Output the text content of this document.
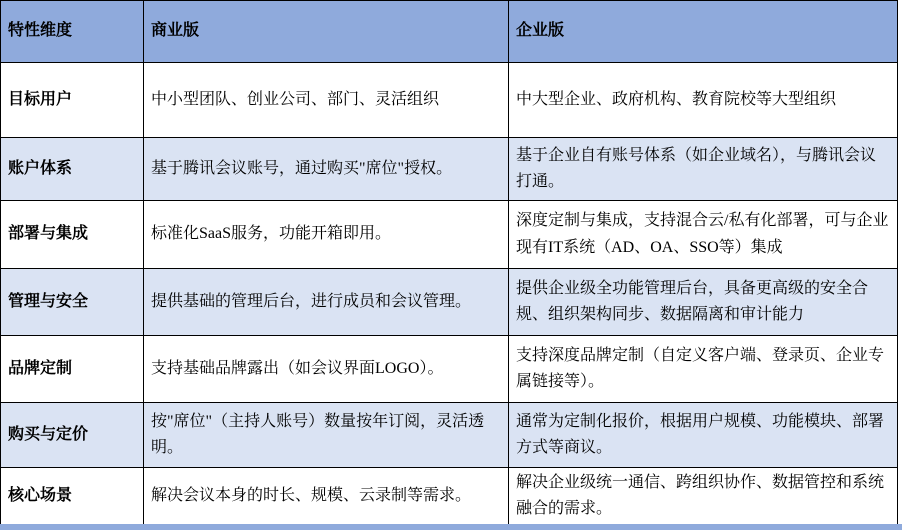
特性维度	商业版	企业版
目标用户	中小型团队、创业公司、部门、灵活组织	中大型企业、政府机构、教育院校等大型组织
账户体系	基于腾讯会议账号，通过购买"席位"授权。	基于企业自有账号体系（如企业域名），与腾讯会议打通。
部署与集成	标准化SaaS服务，功能开箱即用。	深度定制与集成，支持混合云/私有化部署，可与企业现有IT系统（AD、OA、SSO等）集成
管理与安全	提供基础的管理后台，进行成员和会议管理。	提供企业级全功能管理后台，具备更高级的安全合规、组织架构同步、数据隔离和审计能力
品牌定制	支持基础品牌露出（如会议界面LOGO）。	支持深度品牌定制（自定义客户端、登录页、企业专属链接等）。
购买与定价	按"席位"（主持人账号）数量按年订阅，灵活透明。	通常为定制化报价，根据用户规模、功能模块、部署方式等商议。
核心场景	解决会议本身的时长、规模、云录制等需求。	解决企业级统一通信、跨组织协作、数据管控和系统融合的需求。
